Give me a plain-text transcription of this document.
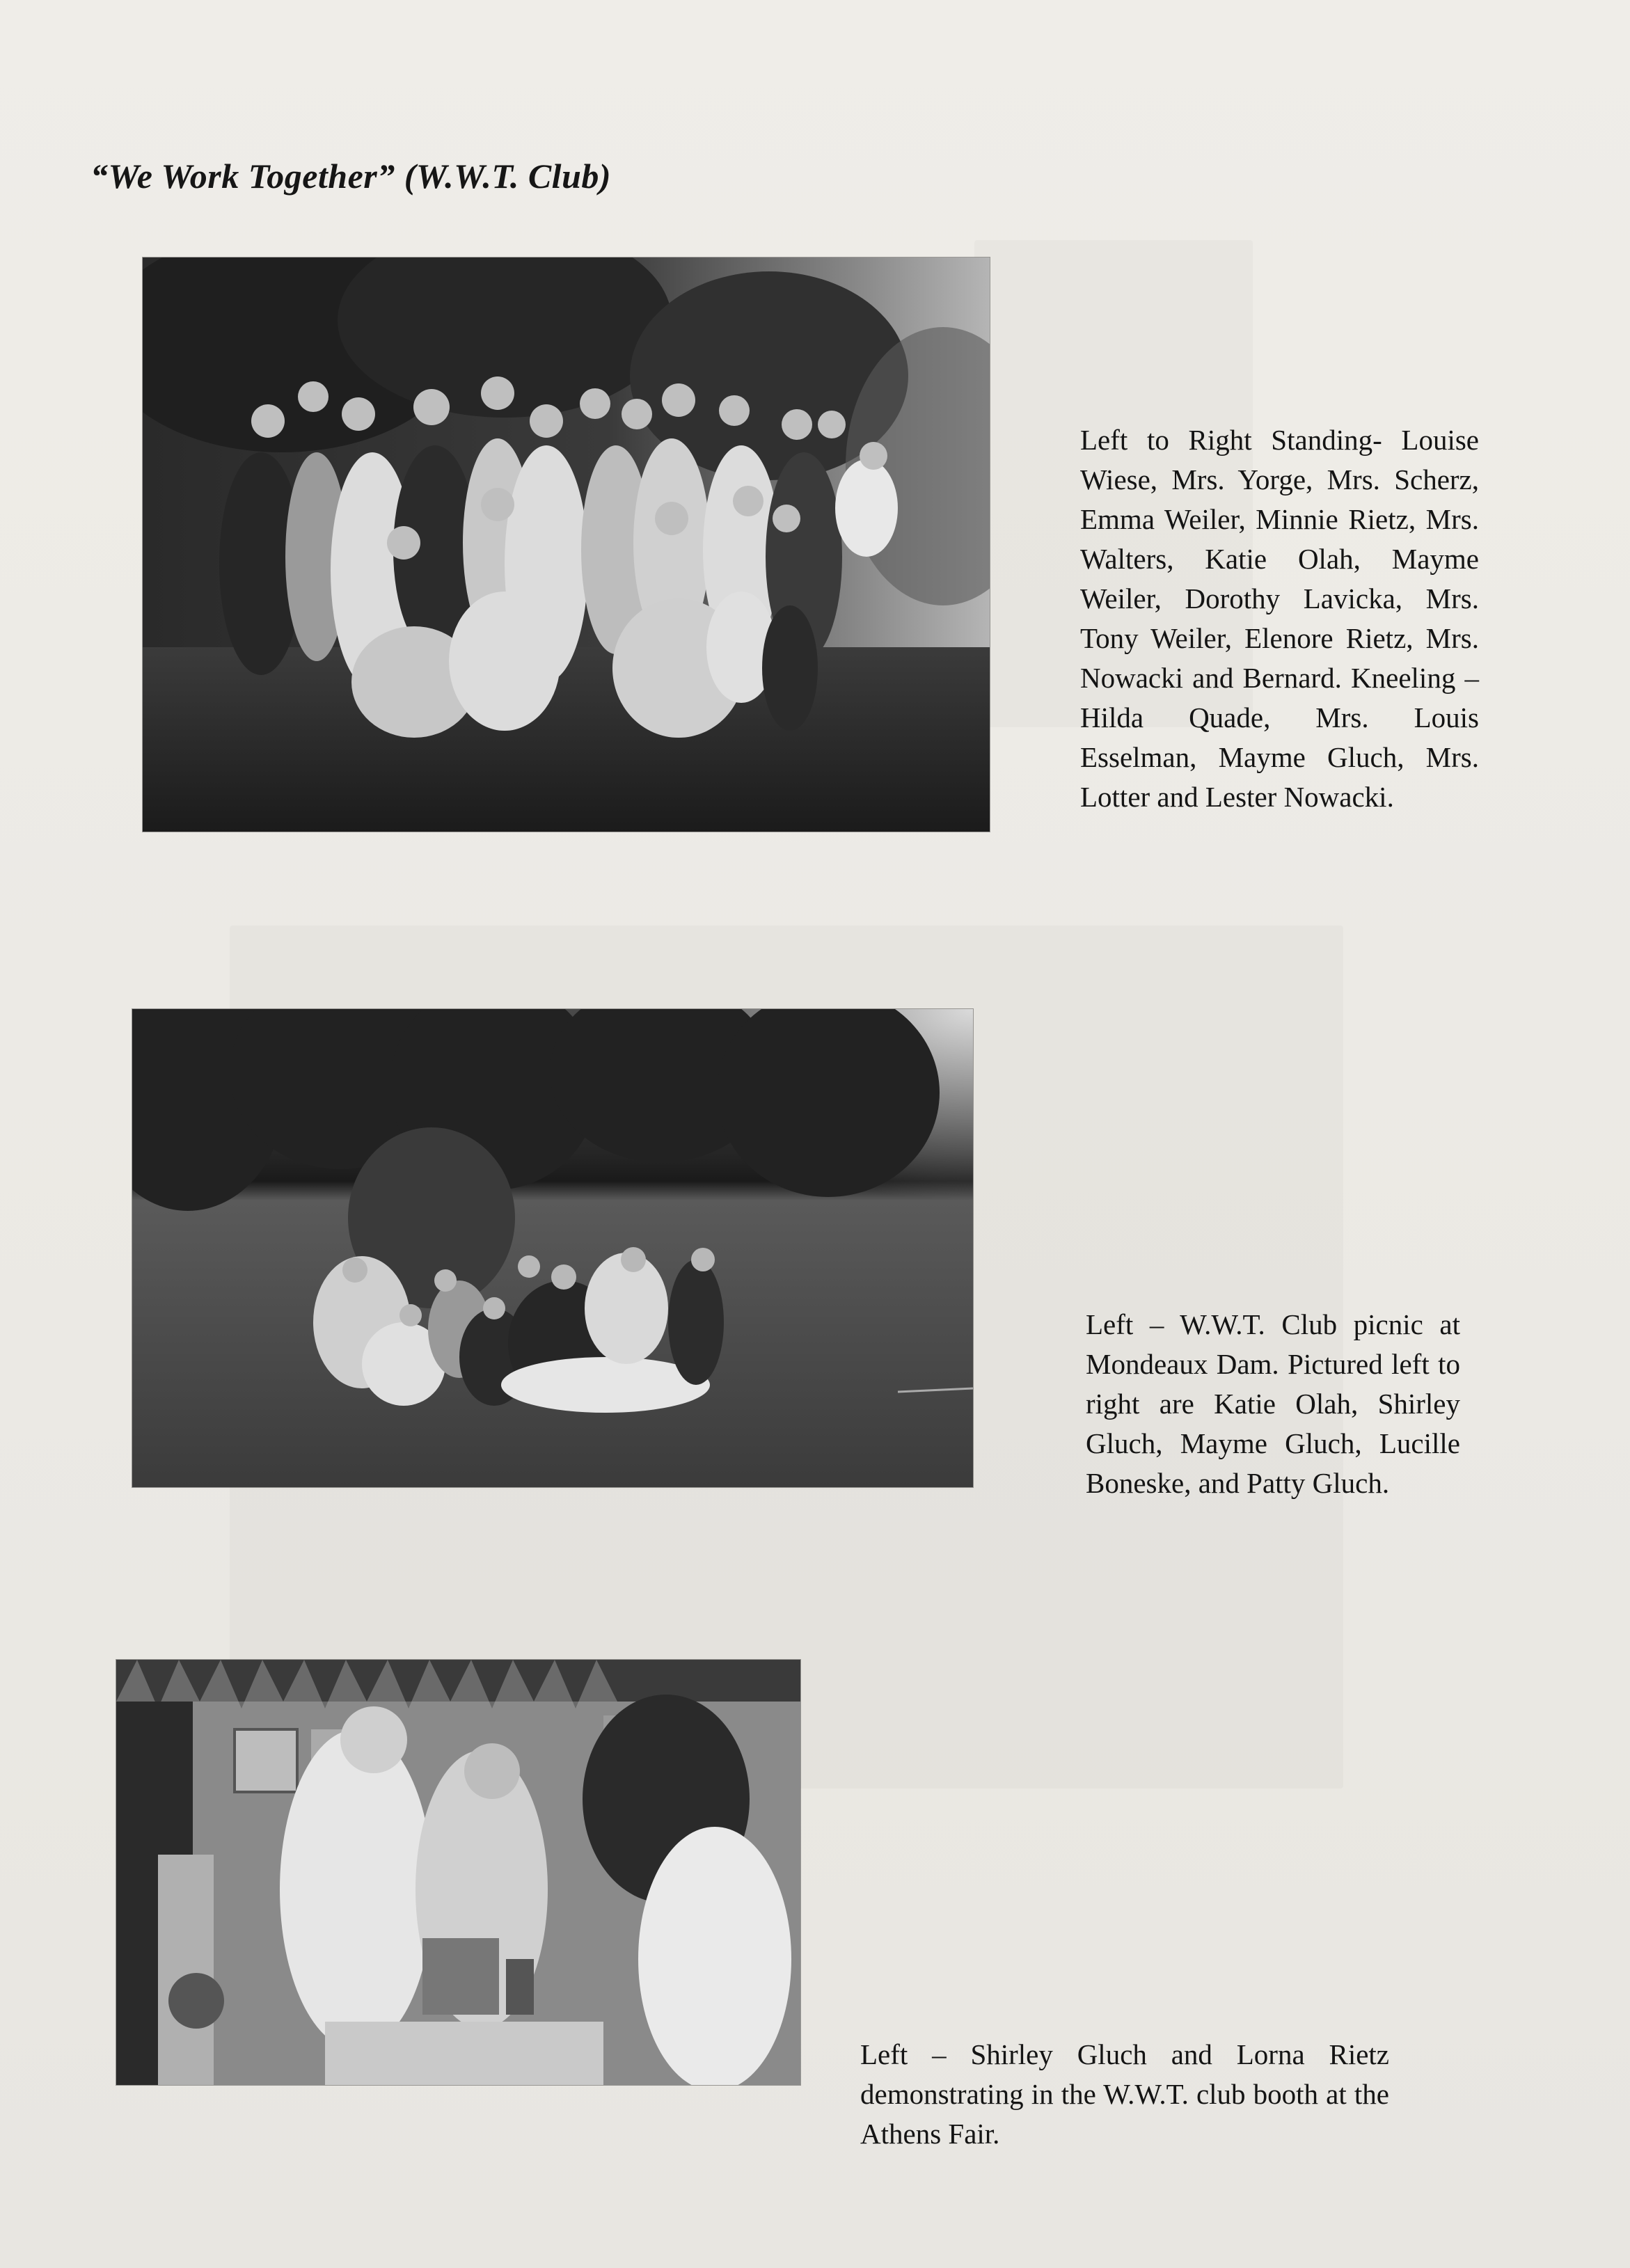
“We Work Together” (W.W.T. Club)

Left to Right Standing- Louise Wiese, Mrs. Yorge, Mrs. Scherz, Emma Weiler, Minnie Rietz, Mrs. Walters, Katie Olah, Mayme Weiler, Dorothy Lavicka, Mrs. Tony Weiler, Elenore Rietz, Mrs. Nowacki and Bernard. Kneeling – Hilda Quade, Mrs. Louis Esselman, Mayme Gluch, Mrs. Lotter and Lester Nowacki.

Left – W.W.T. Club picnic at Mondeaux Dam. Pictured left to right are Katie Olah, Shirley Gluch, Mayme Gluch, Lucille Boneske, and Patty Gluch.

Left – Shirley Gluch and Lorna Rietz demonstrating in the W.W.T. club booth at the Athens Fair.
